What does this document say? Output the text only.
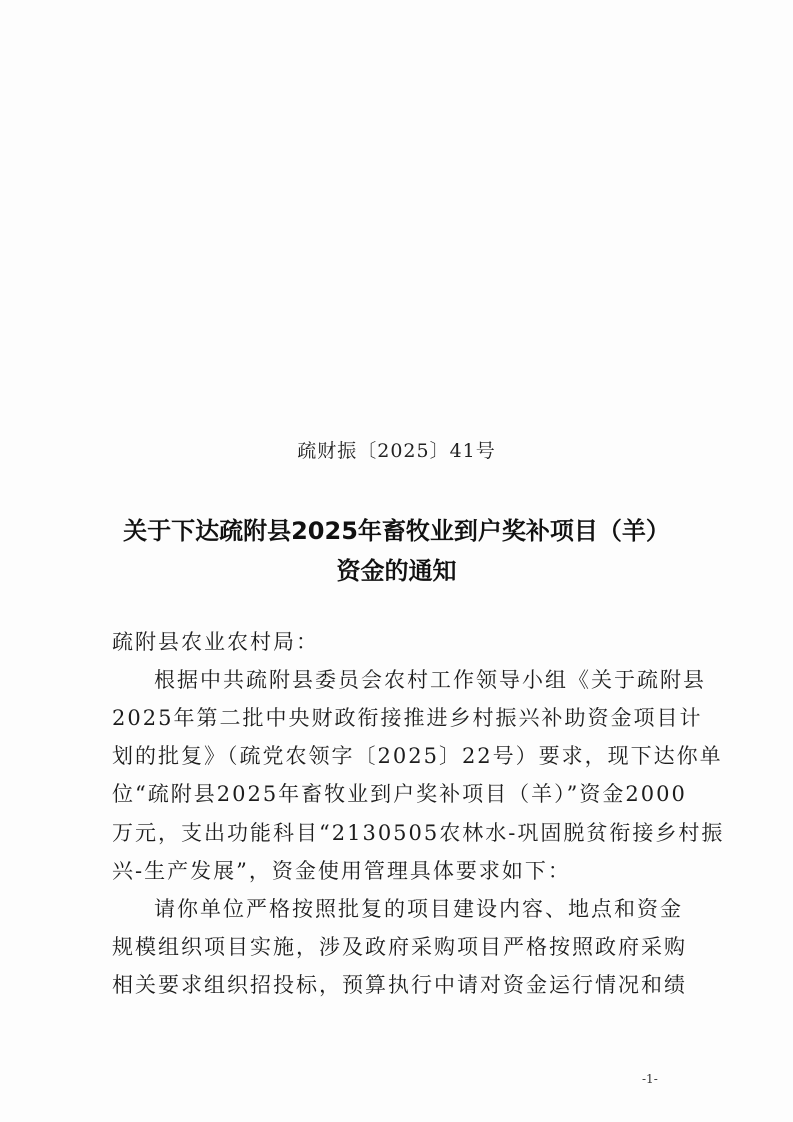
疏财振〔2025〕41号
关于下达疏附县2025年畜牧业到户奖补项目（羊）
资金的通知
疏附县农业农村局：
根据中共疏附县委员会农村工作领导小组《关于疏附县
2025年第二批中央财政衔接推进乡村振兴补助资金项目计
划的批复》（疏党农领字〔2025〕22号）要求，现下达你单
位“疏附县2025年畜牧业到户奖补项目（羊）”资金2000
万元，支出功能科目“2130505农林水-巩固脱贫衔接乡村振
兴-生产发展”，资金使用管理具体要求如下：
请你单位严格按照批复的项目建设内容、地点和资金
规模组织项目实施，涉及政府采购项目严格按照政府采购
相关要求组织招投标，预算执行中请对资金运行情况和绩
-1-
